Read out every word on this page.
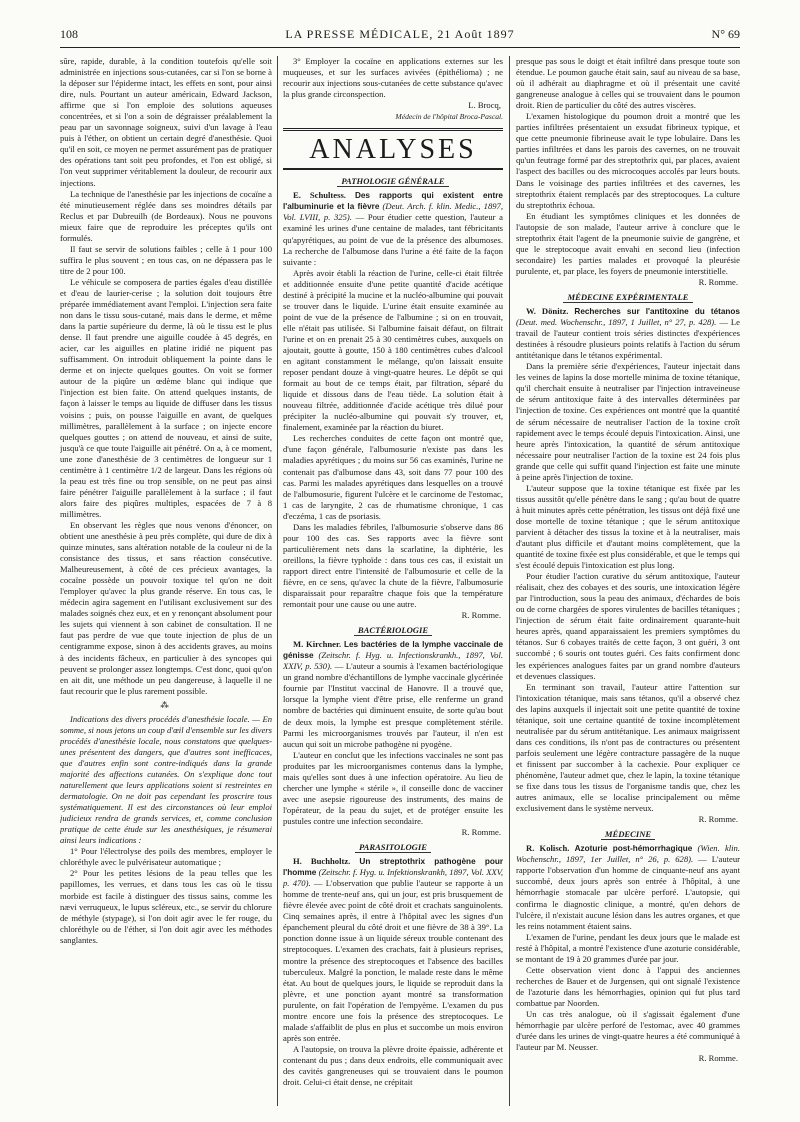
108	LA PRESSE MÉDICALE, 21 Août 1897	N° 69

sûre, rapide, durable, à la condition toutefois qu'elle soit administrée en injections sous-cutanées, car si l'on se borne à la déposer sur l'épiderme intact, les effets en sont, pour ainsi dire, nuls. Pourtant un auteur américain, Edward Jackson, affirme que si l'on emploie des solutions aqueuses concentrées, et si l'on a soin de dégraisser préalablement la peau par un savonnage soigneux, suivi d'un lavage à l'eau puis à l'éther, on obtient un certain degré d'anesthésie. Quoi qu'il en soit, ce moyen ne permet assurément pas de pratiquer des opérations tant soit peu profondes, et l'on est obligé, si l'on veut supprimer véritablement la douleur, de recourir aux injections.

La technique de l'anesthésie par les injections de cocaïne a été minutieusement réglée dans ses moindres détails par Reclus et par Dubreuilh (de Bordeaux). Nous ne pouvons mieux faire que de reproduire les préceptes qu'ils ont formulés.

Il faut se servir de solutions faibles ; celle à 1 pour 100 suffira le plus souvent ; en tous cas, on ne dépassera pas le titre de 2 pour 100.

Le véhicule se composera de parties égales d'eau distillée et d'eau de laurier-cerise ; la solution doit toujours être préparée immédiatement avant l'emploi. L'injection sera faite non dans le tissu sous-cutané, mais dans le derme, et même dans la partie supérieure du derme, là où le tissu est le plus dense. Il faut prendre une aiguille coudée à 45 degrés, en acier, car les aiguilles en platine iridié ne piquent pas suffisamment. On introduit obliquement la pointe dans le derme et on injecte quelques gouttes. On voit se former autour de la piqûre un œdème blanc qui indique que l'injection est bien faite. On attend quelques instants, de façon à laisser le temps au liquide de diffuser dans les tissus voisins ; puis, on pousse l'aiguille en avant, de quelques millimètres, parallèlement à la surface ; on injecte encore quelques gouttes ; on attend de nouveau, et ainsi de suite, jusqu'à ce que toute l'aiguille ait pénétré. On a, à ce moment, une zone d'anesthésie de 3 centimètres de longueur sur 1 centimètre à 1 centimètre 1/2 de largeur. Dans les régions où la peau est très fine ou trop sensible, on ne peut pas ainsi faire pénétrer l'aiguille parallèlement à la surface ; il faut alors faire des piqûres multiples, espacées de 7 à 8 millimètres.

En observant les règles que nous venons d'énoncer, on obtient une anesthésie à peu près complète, qui dure de dix à quinze minutes, sans altération notable de la couleur ni de la consistance des tissus, et sans réaction consécutive. Malheureusement, à côté de ces précieux avantages, la cocaïne possède un pouvoir toxique tel qu'on ne doit l'employer qu'avec la plus grande réserve. En tous cas, le médecin agira sagement en l'utilisant exclusivement sur des malades soignés chez eux, et en y renonçant absolument pour les sujets qui viennent à son cabinet de consultation. Il ne faut pas perdre de vue que toute injection de plus de un centigramme expose, sinon à des accidents graves, au moins à des incidents fâcheux, en particulier à des syncopes qui peuvent se prolonger assez longtemps. C'est donc, quoi qu'on en ait dit, une méthode un peu dangereuse, à laquelle il ne faut recourir que le plus rarement possible.

⁂

Indications des divers procédés d'anesthésie locale. — En somme, si nous jetons un coup d'œil d'ensemble sur les divers procédés d'anesthésie locale, nous constatons que quelques-unes présentent des dangers, que d'autres sont inefficaces, que d'autres enfin sont contre-indiqués dans la grande majorité des affections cutanées. On s'explique donc tout naturellement que leurs applications soient si restreintes en dermatologie. On ne doit pas cependant les proscrire tous systématiquement. Il est des circonstances où leur emploi judicieux rendra de grands services, et, comme conclusion pratique de cette étude sur les anesthésiques, je résumerai ainsi leurs indications :

1° Pour l'électrolyse des poils des membres, employer le chloréthyle avec le pulvérisateur automatique ;

2° Pour les petites lésions de la peau telles que les papillomes, les verrues, et dans tous les cas où le tissu morbide est facile à distinguer des tissus sains, comme les nævi verruqueux, le lupus scléreux, etc., se servir du chlorure de méthyle (stypage), si l'on doit agir avec le fer rouge, du chloréthyle ou de l'éther, si l'on doit agir avec les méthodes sanglantes.

3° Employer la cocaïne en applications externes sur les muqueuses, et sur les surfaces avivées (épithélioma) ; ne recourir aux injections sous-cutanées de cette substance qu'avec la plus grande circonspection.

L. Brocq,
Médecin de l'hôpital Broca-Pascal.
ANALYSES
PATHOLOGIE GÉNÉRALE

E. Schultess. Des rapports qui existent entre l'albuminurie et la fièvre (Deut. Arch. f. klin. Medic., 1897, Vol. LVIII, p. 325). — Pour étudier cette question, l'auteur a examiné les urines d'une centaine de malades, tant fébricitants qu'apyrétiques, au point de vue de la présence des albumoses. La recherche de l'albumose dans l'urine a été faite de la façon suivante :

Après avoir établi la réaction de l'urine, celle-ci était filtrée et additionnée ensuite d'une petite quantité d'acide acétique destiné à précipité la mucine et la nucléo-albumine qui pouvait se trouver dans le liquide. L'urine était ensuite examinée au point de vue de la présence de l'albumine ; si on en trouvait, elle n'était pas utilisée. Si l'albumine faisait défaut, on filtrait l'urine et on en prenait 25 à 30 centimètres cubes, auxquels on ajoutait, goutte à goutte, 150 à 180 centimètres cubes d'alcool en agitant constamment le mélange, qu'on laissait ensuite reposer pendant douze à vingt-quatre heures. Le dépôt se qui formait au bout de ce temps était, par filtration, séparé du liquide et dissous dans de l'eau tiède. La solution était à nouveau filtrée, additionnée d'acide acétique très dilué pour précipiter la nucléo-albumine qui pouvait s'y trouver, et, finalement, examinée par la réaction du biuret.

Les recherches conduites de cette façon ont montré que, d'une façon générale, l'albumosurie n'existe pas dans les maladies apyrétiques ; du moins sur 56 cas examinés, l'urine ne contenait pas d'albumose dans 43, soit dans 77 pour 100 des cas. Parmi les malades apyrétiques dans lesquelles on a trouvé de l'albumosurie, figurent l'ulcère et le carcinome de l'estomac, 1 cas de laryngite, 2 cas de rhumatisme chronique, 1 cas d'eczéma, 1 cas de psoriasis.

Dans les maladies fébriles, l'albumosurie s'observe dans 86 pour 100 des cas. Ses rapports avec la fièvre sont particulièrement nets dans la scarlatine, la diphtérie, les oreillons, la fièvre typhoïde : dans tous ces cas, il existait un rapport direct entre l'intensité de l'albumosurie et celle de la fièvre, en ce sens, qu'avec la chute de la fièvre, l'albumosurie disparaissait pour reparaître chaque fois que la température remontait pour une cause ou une autre.

R. Romme.
BACTÉRIOLOGIE

M. Kirchner. Les bactéries de la lymphe vaccinale de génisse (Zeitschr. f. Hyg. u. Infectionskrankh., 1897, Vol. XXIV, p. 530). — L'auteur a soumis à l'examen bactériologique un grand nombre d'échantillons de lymphe vaccinale glycérinée fournie par l'Institut vaccinal de Hanovre. Il a trouvé que, lorsque la lymphe vient d'être prise, elle renferme un grand nombre de bactéries qui diminuent ensuite, de sorte qu'au bout de deux mois, la lymphe est presque complètement stérile. Parmi les microorganismes trouvés par l'auteur, il n'en est aucun qui soit un microbe pathogène ni pyogène.

L'auteur en conclut que les infections vaccinales ne sont pas produites par les microorganismes contenus dans la lymphe, mais qu'elles sont dues à une infection opératoire. Au lieu de chercher une lymphe « stérile », il conseille donc de vacciner avec une asepsie rigoureuse des instruments, des mains de l'opérateur, de la peau du sujet, et de protéger ensuite les pustules contre une infection secondaire.

R. Romme.
PARASITOLOGIE

H. Buchholtz. Un streptothrix pathogène pour l'homme (Zeitschr. f. Hyg. u. Infektionskrankh, 1897, Vol. XXV, p. 470). — L'observation que publie l'auteur se rapporte à un homme de trente-neuf ans, qui un jour, est pris brusquement de fièvre élevée avec point de côté droit et crachats sanguinolents. Cinq semaines après, il entre à l'hôpital avec les signes d'un épanchement pleural du côté droit et une fièvre de 38 à 39°. La ponction donne issue à un liquide séreux trouble contenant des streptocoques. L'examen des crachats, fait à plusieurs reprises, montre la présence des streptocoques et l'absence des bacilles tuberculeux. Malgré la ponction, le malade reste dans le même état. Au bout de quelques jours, le liquide se reproduit dans la plèvre, et une ponction ayant montré sa transformation purulente, on fait l'opération de l'empyème. L'examen du pus montre encore une fois la présence des streptocoques. Le malade s'affaiblit de plus en plus et succombe un mois environ après son entrée.

A l'autopsie, on trouva la plèvre droite épaissie, adhérente et contenant du pus ; dans deux endroits, elle communiquait avec des cavités gangreneuses qui se trouvaient dans le poumon droit. Celui-ci était dense, ne crépitait

presque pas sous le doigt et était infiltré dans presque toute son étendue. Le poumon gauche était sain, sauf au niveau de sa base, où il adhérait au diaphragme et où il présentait une cavité gangreneuse analogue à celles qui se trouvaient dans le poumon droit. Rien de particulier du côté des autres viscères.

L'examen histologique du poumon droit a montré que les parties infiltrées présentaient un exsudat fibrineux typique, et que cette pneumonie fibrineuse avait le type lobulaire. Dans les parties infiltrées et dans les parois des cavernes, on ne trouvait qu'un feutrage formé par des streptothrix qui, par places, avaient l'aspect des bacilles ou des microcoques accolés par leurs bouts. Dans le voisinage des parties infiltrées et des cavernes, les streptothrix étaient remplacés par des streptocoques. La culture du streptothrix échoua.

En étudiant les symptômes cliniques et les données de l'autopsie de son malade, l'auteur arrive à conclure que le streptothrix était l'agent de la pneumonie suivie de gangrène, et que le streptocoque avait envahi en second lieu (infection secondaire) les parties malades et provoqué la pleurésie purulente, et, par place, les foyers de pneumonie interstitielle.

R. Romme.
MÉDECINE EXPÉRIMENTALE

W. Dönitz. Recherches sur l'antitoxine du tétanos (Deut. med. Wochenschr., 1897, 1 Juillet, n° 27, p. 428). — Le travail de l'auteur contient trois séries distinctes d'expériences destinées à résoudre plusieurs points relatifs à l'action du sérum antitétanique dans le tétanos expérimental.

Dans la première série d'expériences, l'auteur injectait dans les veines de lapins la dose mortelle minima de toxine tétanique, qu'il cherchait ensuite à neutraliser par l'injection intraveineuse de sérum antitoxique faite à des intervalles déterminées par l'injection de toxine. Ces expériences ont montré que la quantité de sérum nécessaire de neutraliser l'action de la toxine croît rapidement avec le temps écoulé depuis l'intoxication. Ainsi, une heure après l'intoxication, la quantité de sérum antitoxique nécessaire pour neutraliser l'action de la toxine est 24 fois plus grande que celle qui suffit quand l'injection est faite une minute à peine après l'injection de toxine.

L'auteur suppose que la toxine tétanique est fixée par les tissus aussitôt qu'elle pénètre dans le sang ; qu'au bout de quatre à huit minutes après cette pénétration, les tissus ont déjà fixé une dose mortelle de toxine tétanique ; que le sérum antitoxique parvient à détacher des tissus la toxine et à la neutraliser, mais d'autant plus difficile et d'autant moins complètement, que la quantité de toxine fixée est plus considérable, et que le temps qui s'est écoulé depuis l'intoxication est plus long.

Pour étudier l'action curative du sérum antitoxique, l'auteur réalisait, chez des cobayes et des souris, une intoxication légère par l'introduction, sous la peau des animaux, d'échardes de bois ou de corne chargées de spores virulentes de bacilles tétaniques ; l'injection de sérum était faite ordinairement quarante-huit heures après, quand apparaissaient les premiers symptômes du tétanos. Sur 6 cobayes traités de cette façon, 3 ont guéri, 3 ont succombé ; 6 souris ont toutes guéri. Ces faits confirment donc les expériences analogues faites par un grand nombre d'auteurs et devenues classiques.

En terminant son travail, l'auteur attire l'attention sur l'intoxication tétanique, mais sans tétanos, qu'il a observé chez des lapins auxquels il injectait soit une petite quantité de toxine tétanique, soit une certaine quantité de toxine incomplètement neutralisée par du sérum antitétanique. Les animaux maigrissent dans ces conditions, ils n'ont pas de contractures ou présentent parfois seulement une légère contracture passagère de la nuque et finissent par succomber à la cachexie. Pour expliquer ce phénomène, l'auteur admet que, chez le lapin, la toxine tétanique se fixe dans tous les tissus de l'organisme tandis que, chez les autres animaux, elle se localise principalement ou même exclusivement dans le système nerveux.

R. Romme.
MÉDECINE

R. Kolisch. Azoturie post-hémorrhagique (Wien. klin. Wochenschr., 1897, 1er Juillet, n° 26, p. 628). — L'auteur rapporte l'observation d'un homme de cinquante-neuf ans ayant succombé, deux jours après son entrée à l'hôpital, à une hémorrhagie stomacale par ulcère perforé. L'autopsie, qui confirma le diagnostic clinique, a montré, qu'en dehors de l'ulcère, il n'existait aucune lésion dans les autres organes, et que les reins notamment étaient sains.

L'examen de l'urine, pendant les deux jours que le malade est resté à l'hôpital, a montré l'existence d'une azoturie considérable, se montant de 19 à 20 grammes d'urée par jour.

Cette observation vient donc à l'appui des anciennes recherches de Bauer et de Jurgensen, qui ont signalé l'existence de l'azoturie dans les hémorrhagies, opinion qui fut plus tard combattue par Noorden.

Un cas très analogue, où il s'agissait également d'une hémorrhagie par ulcère perforé de l'estomac, avec 40 grammes d'urée dans les urines de vingt-quatre heures a été communiqué à l'auteur par M. Neusser.

R. Romme.
